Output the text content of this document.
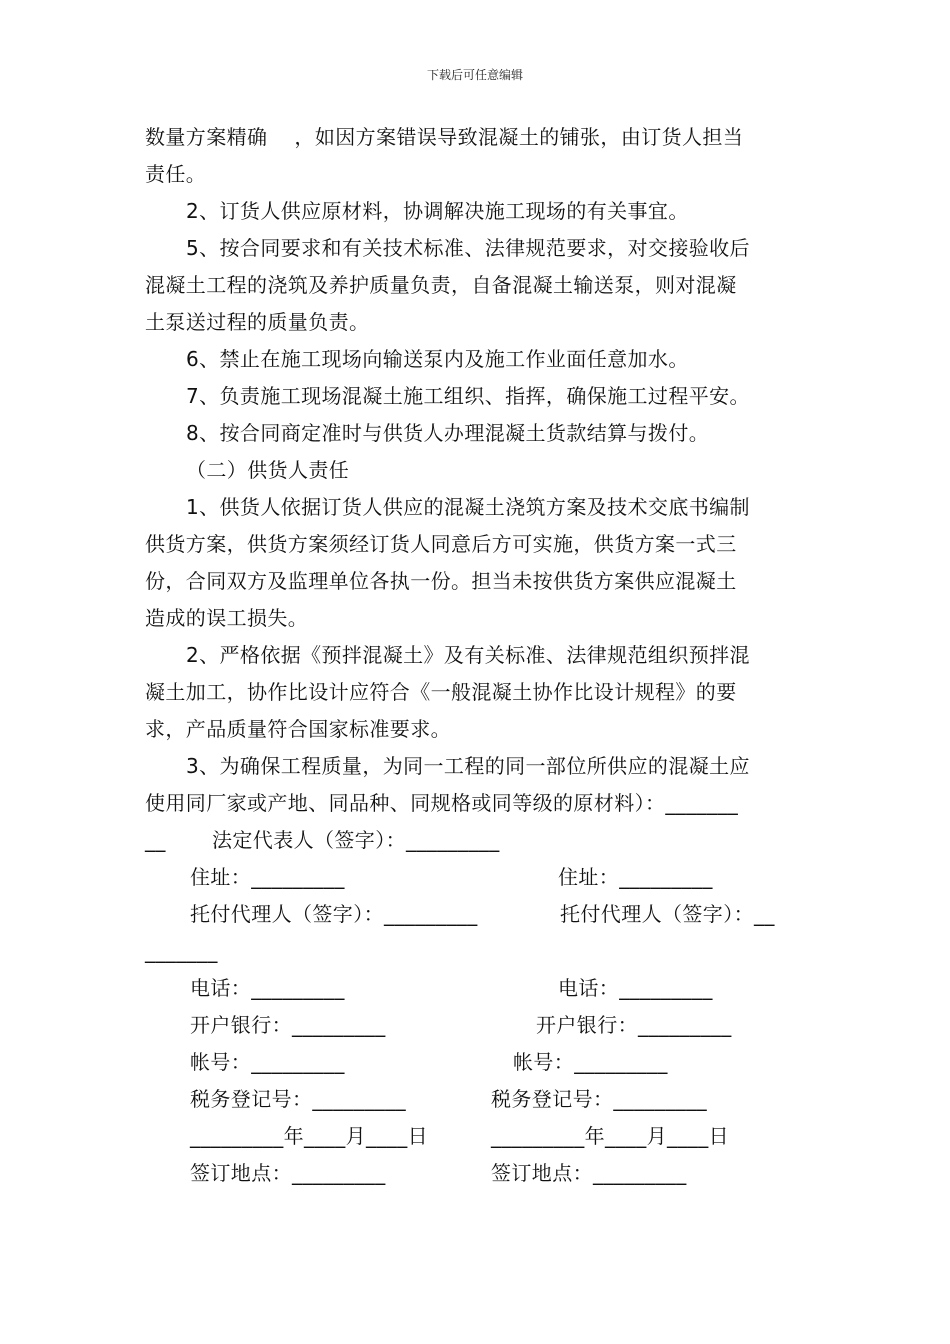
下载后可任意编辑
数量方案精确    ，如因方案错误导致混凝土的铺张，由订货人担当
责任。
2、订货人供应原材料，协调解决施工现场的有关事宜。
5、按合同要求和有关技术标准、法律规范要求，对交接验收后
混凝土工程的浇筑及养护质量负责，自备混凝土输送泵，则对混凝
土泵送过程的质量负责。
6、禁止在施工现场向输送泵内及施工作业面任意加水。
7、负责施工现场混凝土施工组织、指挥，确保施工过程平安。
8、按合同商定准时与供货人办理混凝土货款结算与拨付。
（二）供货人责任
1、供货人依据订货人供应的混凝土浇筑方案及技术交底书编制
供货方案，供货方案须经订货人同意后方可实施，供货方案一式三
份，合同双方及监理单位各执一份。担当未按供货方案供应混凝土
造成的误工损失。
2、严格依据《预拌混凝土》及有关标准、法律规范组织预拌混
凝土加工，协作比设计应符合《一般混凝土协作比设计规程》的要
求，产品质量符合国家标准要求。
3、为确保工程质量，为同一工程的同一部位所供应的混凝土应
使用同厂家或产地、同品种、同规格或同等级的原材料）：_______
__ 法定代表人（签字）：_________
住址：_________	住址：_________
托付代理人（签字）：_________	托付代理人（签字）：__
_______
电话：_________	电话：_________
开户银行：_________	开户银行：_________
帐号：_________	帐号：_________
税务登记号：_________	税务登记号：_________
_________年____月____日	_________年____月____日
签订地点：_________	签订地点：_________
